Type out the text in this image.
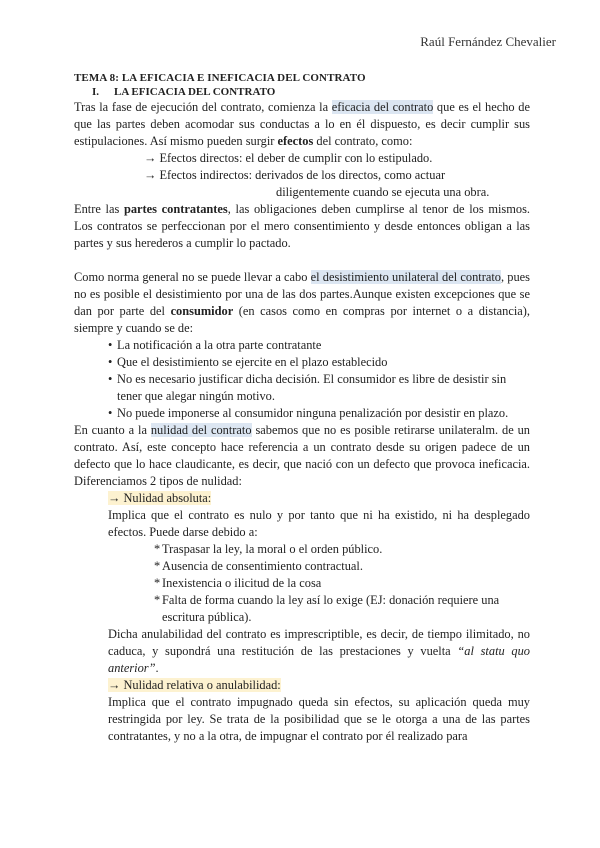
Raúl Fernández Chevalier
TEMA 8: LA EFICACIA E INEFICACIA DEL CONTRATO
I. LA EFICACIA DEL CONTRATO

Tras la fase de ejecución del contrato, comienza la eficacia del contrato que es el hecho de que las partes deben acomodar sus conductas a lo en él dispuesto, es decir cumplir sus estipulaciones. Así mismo pueden surgir efectos del contrato, como:

→ Efectos directos: el deber de cumplir con lo estipulado.
→ Efectos indirectos: derivados de los directos, como actuar
diligentemente cuando se ejecuta una obra.

Entre las partes contratantes, las obligaciones deben cumplirse al tenor de los mismos. Los contratos se perfeccionan por el mero consentimiento y desde entonces obligan a las partes y sus herederos a cumplir lo pactado.

Como norma general no se puede llevar a cabo el desistimiento unilateral del contrato, pues no es posible el desistimiento por una de las dos partes.Aunque existen excepciones que se dan por parte del consumidor (en casos como en compras por internet o a distancia), siempre y cuando se de:

• La notificación a la otra parte contratante
• Que el desistimiento se ejercite en el plazo establecido
• No es necesario justificar dicha decisión. El consumidor es libre de desistir sin tener que alegar ningún motivo.
• No puede imponerse al consumidor ninguna penalización por desistir en plazo.

En cuanto a la nulidad del contrato sabemos que no es posible retirarse unilateralm. de un contrato. Así, este concepto hace referencia a un contrato desde su origen padece de un defecto que lo hace claudicante, es decir, que nació con un defecto que provoca ineficacia. Diferenciamos 2 tipos de nulidad:

→ Nulidad absoluta:

Implica que el contrato es nulo y por tanto que ni ha existido, ni ha desplegado efectos. Puede darse debido a:

* Traspasar la ley, la moral o el orden público.
* Ausencia de consentimiento contractual.
* Inexistencia o ilicitud de la cosa
* Falta de forma cuando la ley así lo exige (EJ: donación requiere una escritura pública).

Dicha anulabilidad del contrato es imprescriptible, es decir, de tiempo ilimitado, no caduca, y supondrá una restitución de las prestaciones y vuelta “al statu quo anterior”.

→ Nulidad relativa o anulabilidad:

Implica que el contrato impugnado queda sin efectos, su aplicación queda muy restringida por ley. Se trata de la posibilidad que se le otorga a una de las partes contratantes, y no a la otra, de impugnar el contrato por él realizado para
